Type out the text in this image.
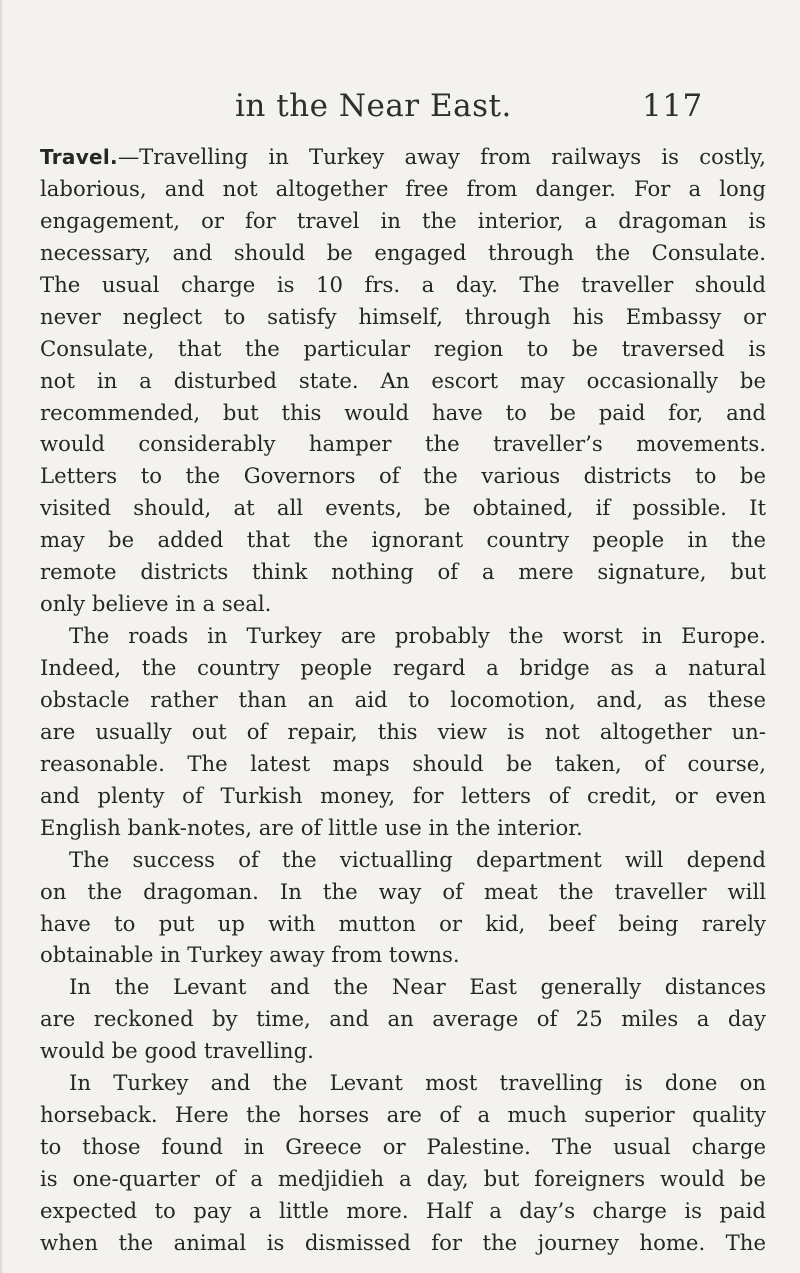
in the Near East.	117
Travel.—Travelling in Turkey away from railways is costly,
laborious, and not altogether free from danger. For a long
engagement, or for travel in the interior, a dragoman is
necessary, and should be engaged through the Consulate.
The usual charge is 10 frs. a day. The traveller should
never neglect to satisfy himself, through his Embassy or
Consulate, that the particular region to be traversed is
not in a disturbed state. An escort may occasionally be
recommended, but this would have to be paid for, and
would considerably hamper the traveller’s movements.
Letters to the Governors of the various districts to be
visited should, at all events, be obtained, if possible. It
may be added that the ignorant country people in the
remote districts think nothing of a mere signature, but
only believe in a seal.
The roads in Turkey are probably the worst in Europe.
Indeed, the country people regard a bridge as a natural
obstacle rather than an aid to locomotion, and, as these
are usually out of repair, this view is not altogether un-
reasonable. The latest maps should be taken, of course,
and plenty of Turkish money, for letters of credit, or even
English bank-notes, are of little use in the interior.
The success of the victualling department will depend
on the dragoman. In the way of meat the traveller will
have to put up with mutton or kid, beef being rarely
obtainable in Turkey away from towns.
In the Levant and the Near East generally distances
are reckoned by time, and an average of 25 miles a day
would be good travelling.
In Turkey and the Levant most travelling is done on
horseback. Here the horses are of a much superior quality
to those found in Greece or Palestine. The usual charge
is one-quarter of a medjidieh a day, but foreigners would be
expected to pay a little more. Half a day’s charge is paid
when the animal is dismissed for the journey home. The
